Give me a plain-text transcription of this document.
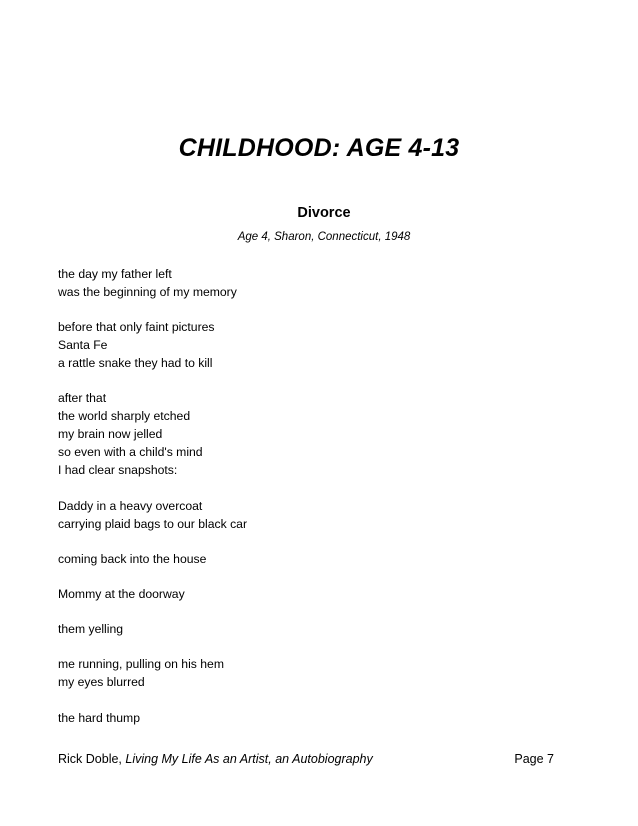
CHILDHOOD: AGE 4-13
Divorce
Age 4, Sharon, Connecticut, 1948
the day my father left
was the beginning of my memory
before that only faint pictures
Santa Fe
a rattle snake they had to kill
after that
the world sharply etched
my brain now jelled
so even with a child's mind
I had clear snapshots:
Daddy in a heavy overcoat
carrying plaid bags to our black car
coming back into the house
Mommy at the doorway
them yelling
me running, pulling on his hem
my eyes blurred
the hard thump
Rick Doble, Living My Life As an Artist, an Autobiography	Page 7
